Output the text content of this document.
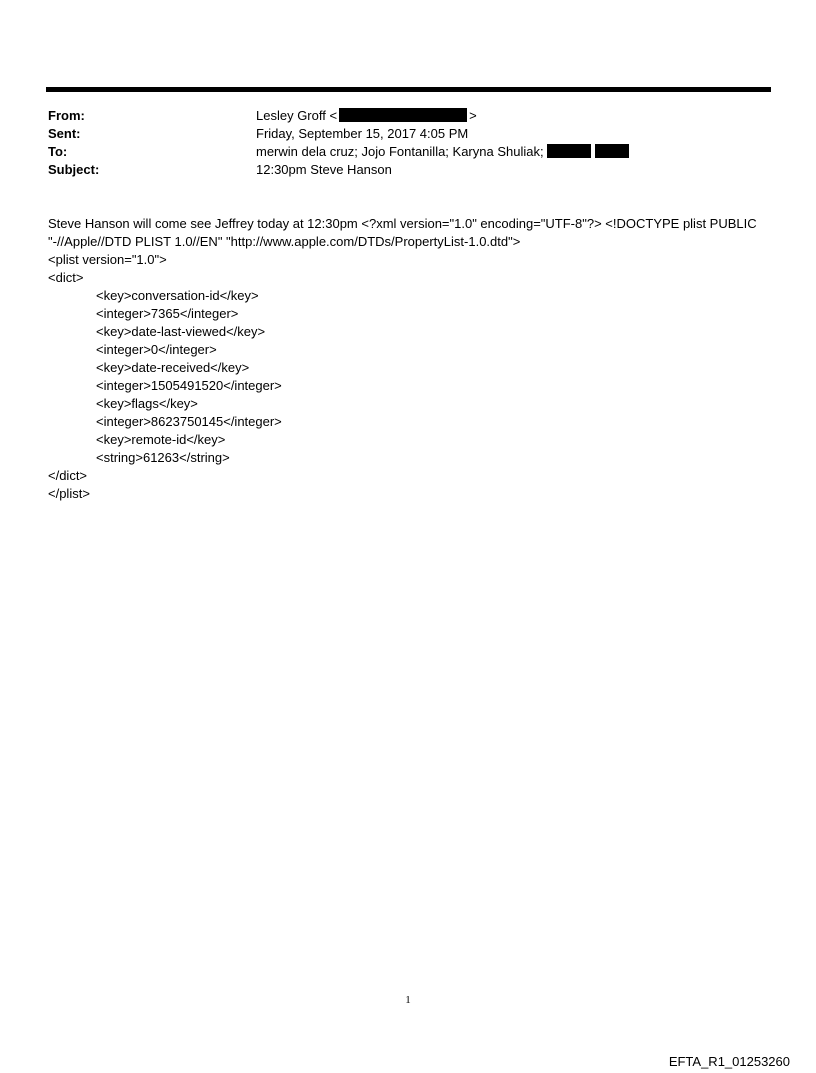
From:	Lesley Groff <	>
Sent:	Friday, September 15, 2017 4:05 PM
To:	merwin dela cruz; Jojo Fontanilla; Karyna Shuliak;
Subject:	12:30pm Steve Hanson
Steve Hanson will come see Jeffrey today at 12:30pm <?xml version="1.0" encoding="UTF-8"?> <!DOCTYPE plist PUBLIC
"-//Apple//DTD PLIST 1.0//EN" "http://www.apple.com/DTDs/PropertyList-1.0.dtd">
<plist version="1.0">
<dict>
<key>conversation-id</key>
<integer>7365</integer>
<key>date-last-viewed</key>
<integer>0</integer>
<key>date-received</key>
<integer>1505491520</integer>
<key>flags</key>
<integer>8623750145</integer>
<key>remote-id</key>
<string>61263</string>
</dict>
</plist>
1
EFTA_R1_01253260
